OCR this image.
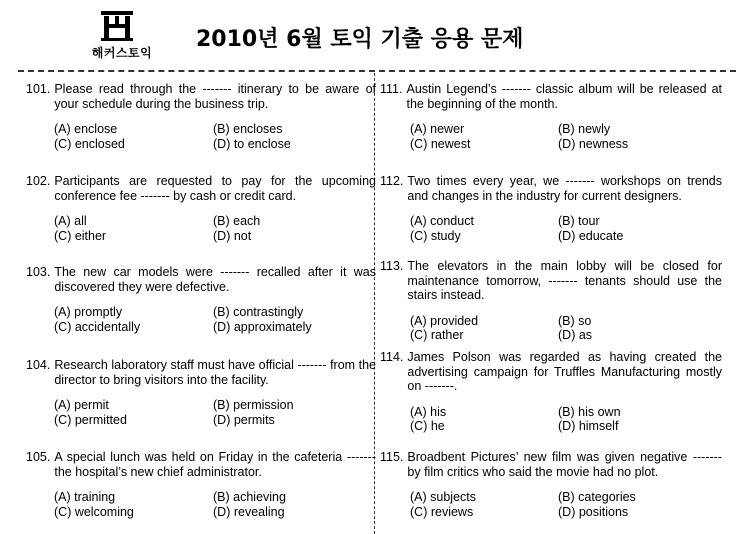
해커스토익
2010년 6월 토익 기출 응용 문제
101. Please read through the ------- itinerary to be aware of your schedule during the business trip.
(A) enclose	(B) encloses
(C) enclosed	(D) to enclose
102. Participants are requested to pay for the upcoming conference fee ------- by cash or credit card.
(A) all	(B) each
(C) either	(D) not
103. The new car models were ------- recalled after it was discovered they were defective.
(A) promptly	(B) contrastingly
(C) accidentally	(D) approximately
104. Research laboratory staff must have official ------- from the director to bring visitors into the facility.
(A) permit	(B) permission
(C) permitted	(D) permits
105. A special lunch was held on Friday in the cafeteria ------- the hospital’s new chief administrator.
(A) training	(B) achieving
(C) welcoming	(D) revealing
111. Austin Legend’s ------- classic album will be released at the beginning of the month.
(A) newer	(B) newly
(C) newest	(D) newness
112. Two times every year, we ------- workshops on trends and changes in the industry for current designers.
(A) conduct	(B) tour
(C) study	(D) educate
113. The elevators in the main lobby will be closed for maintenance tomorrow, ------- tenants should use the stairs instead.
(A) provided	(B) so
(C) rather	(D) as
114. James Polson was regarded as having created the advertising campaign for Truffles Manufacturing mostly on -------.
(A) his	(B) his own
(C) he	(D) himself
115. Broadbent Pictures’ new film was given negative ------- by film critics who said the movie had no plot.
(A) subjects	(B) categories
(C) reviews	(D) positions
